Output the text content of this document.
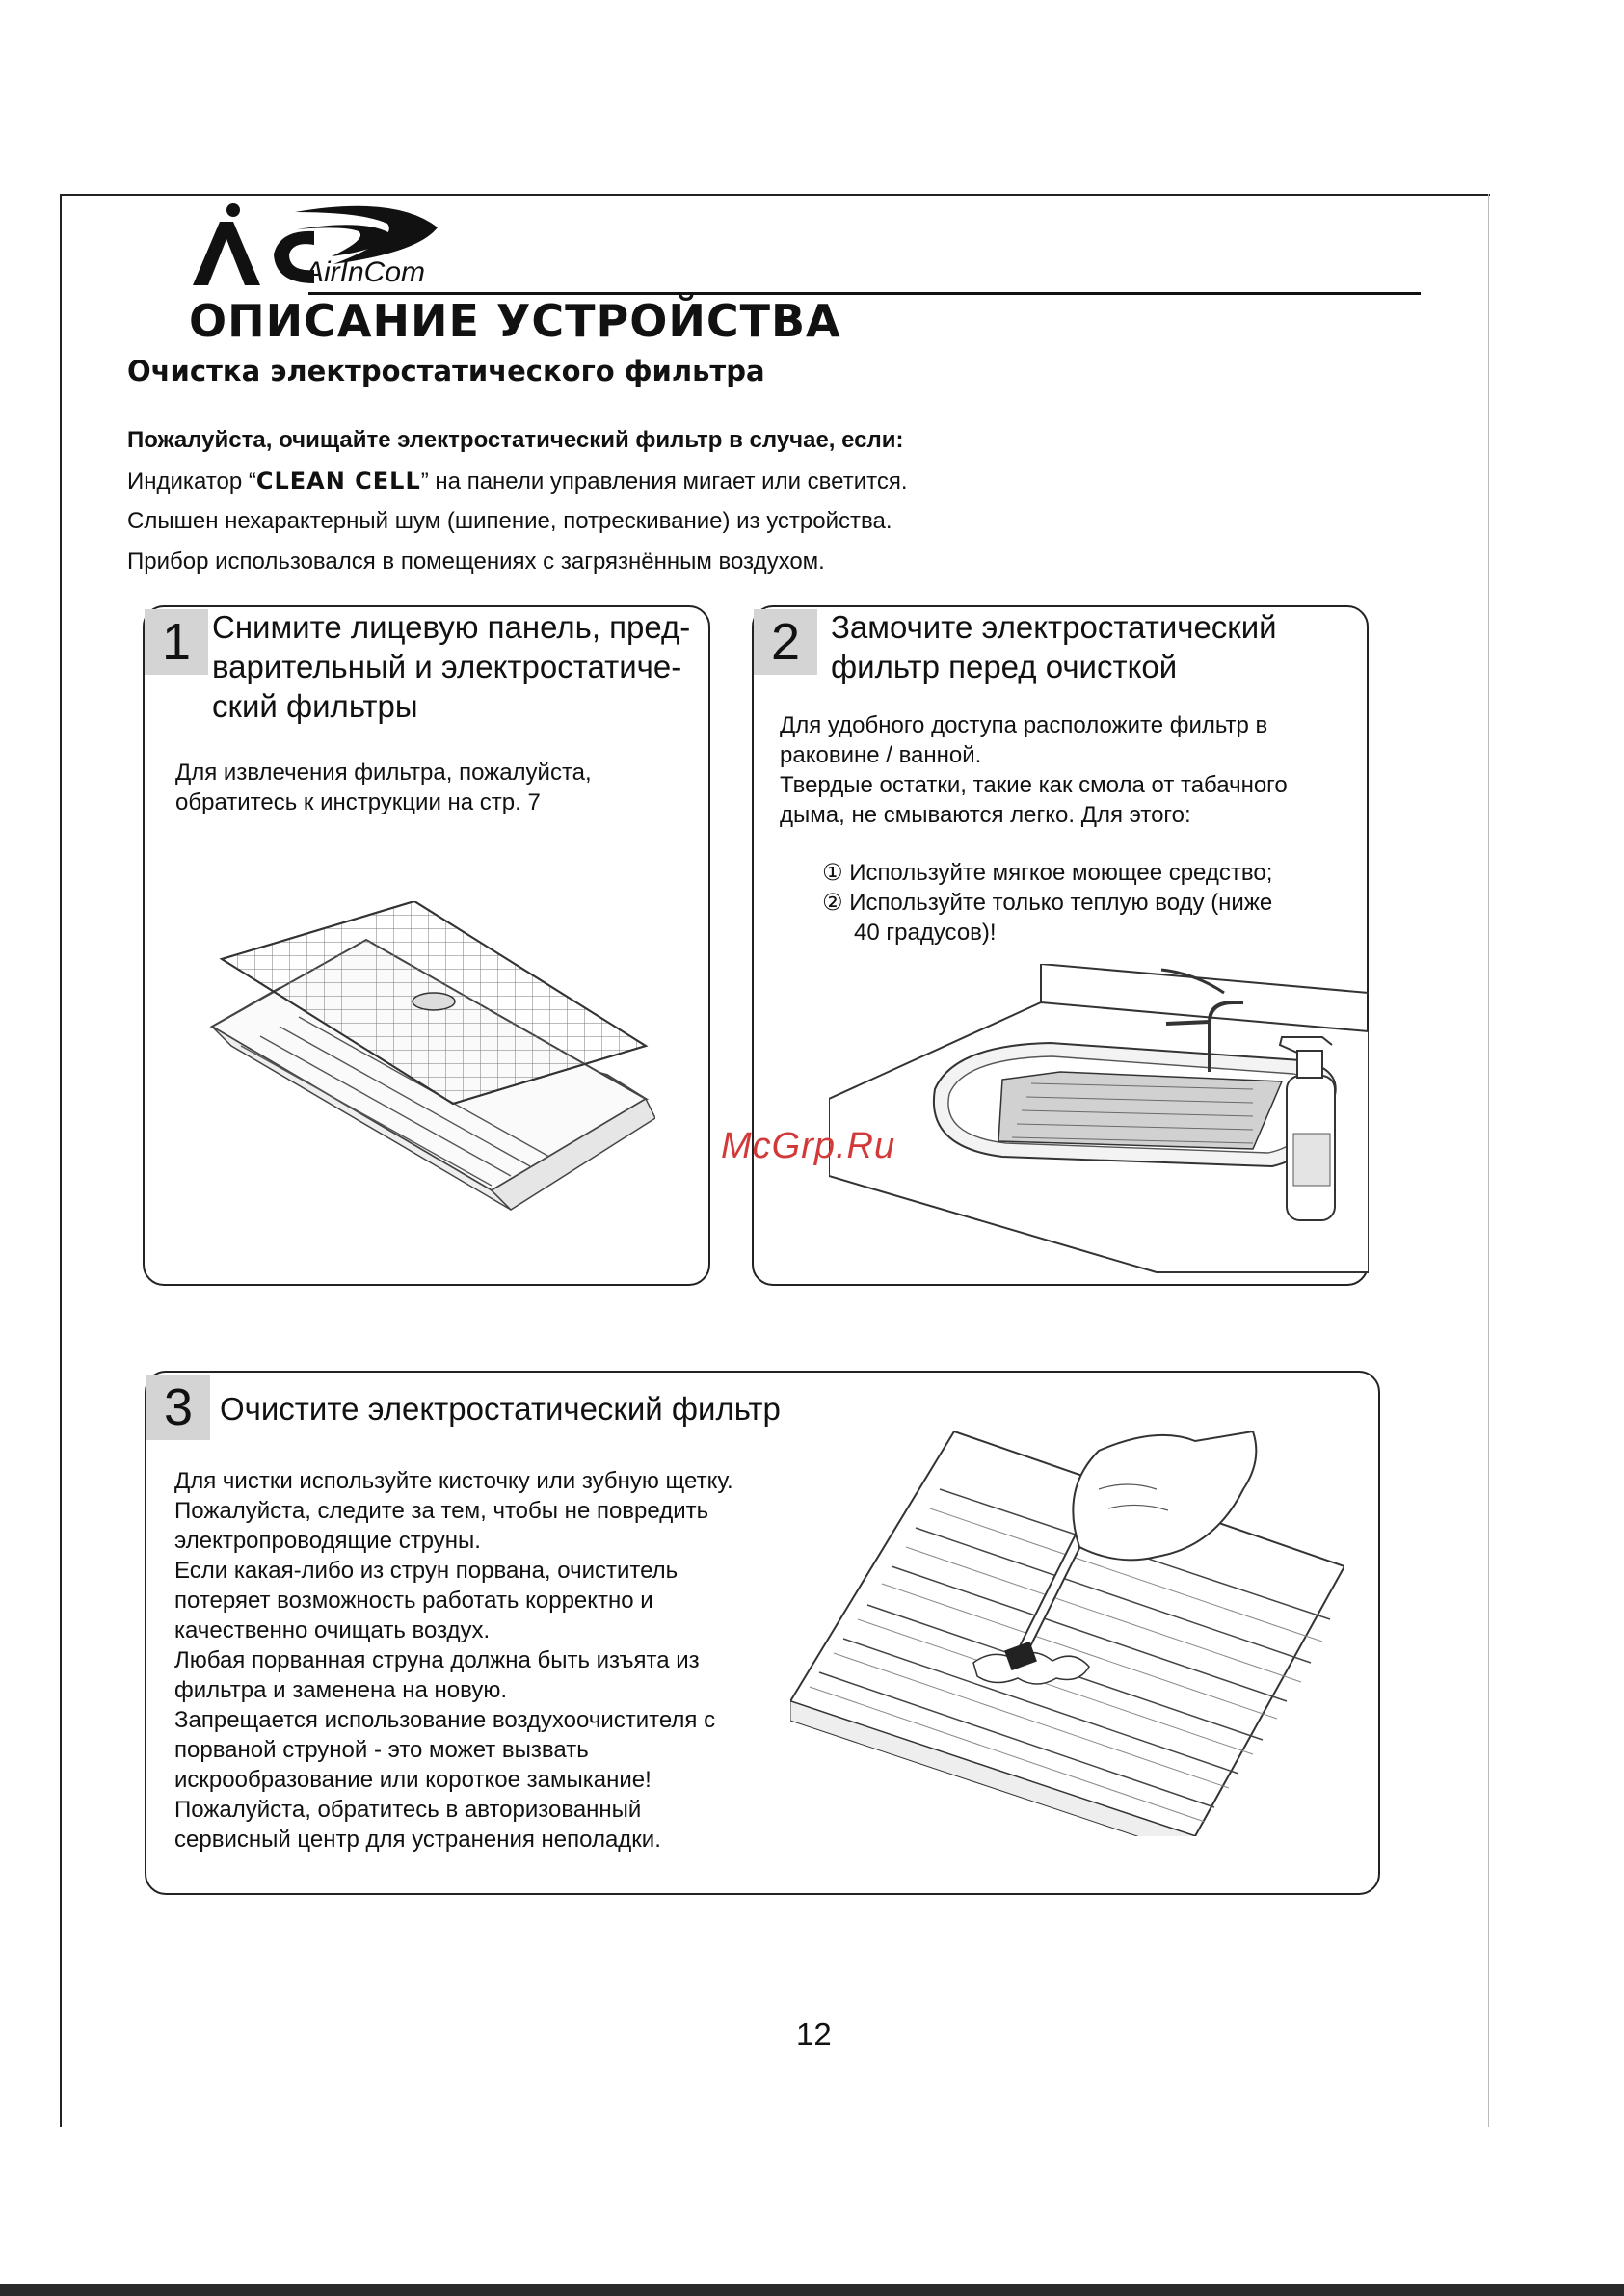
AirInCom
ОПИСАНИЕ УСТРОЙСТВА
Очистка электростатического фильтра
Пожалуйста, очищайте электростатический фильтр в случае, если:
Индикатор “CLEAN CELL” на панели управления мигает или светится.
Слышен нехарактерный шум (шипение, потрескивание) из устройства.
Прибор использовался в помещениях с загрязнённым воздухом.
1 Снимите лицевую панель, пред-
варительный и электростатиче-
ский фильтры
Для извлечения фильтра, пожалуйста,
обратитесь к инструкции на стр. 7
2 Замочите электростатический
фильтр перед очисткой
Для удобного доступа расположите фильтр в
раковине / ванной.
Твердые остатки, такие как смола от табачного
дыма, не смываются легко. Для этого:
① Используйте мягкое моющее средство;
② Используйте только теплую воду (ниже
40 градусов)!
3 Очистите электростатический фильтр
Для чистки используйте кисточку или зубную щетку.
Пожалуйста, следите за тем, чтобы не повредить
электропроводящие струны.
Если какая-либо из струн порвана, очиститель
потеряет возможность работать корректно и
качественно очищать воздух.
Любая порванная струна должна быть изъята из
фильтра и заменена на новую.
Запрещается использование воздухоочистителя с
порваной струной - это может вызвать
искрообразование или короткое замыкание!
Пожалуйста, обратитесь в авторизованный
сервисный центр для устранения неполадки.
McGrp.Ru
12
